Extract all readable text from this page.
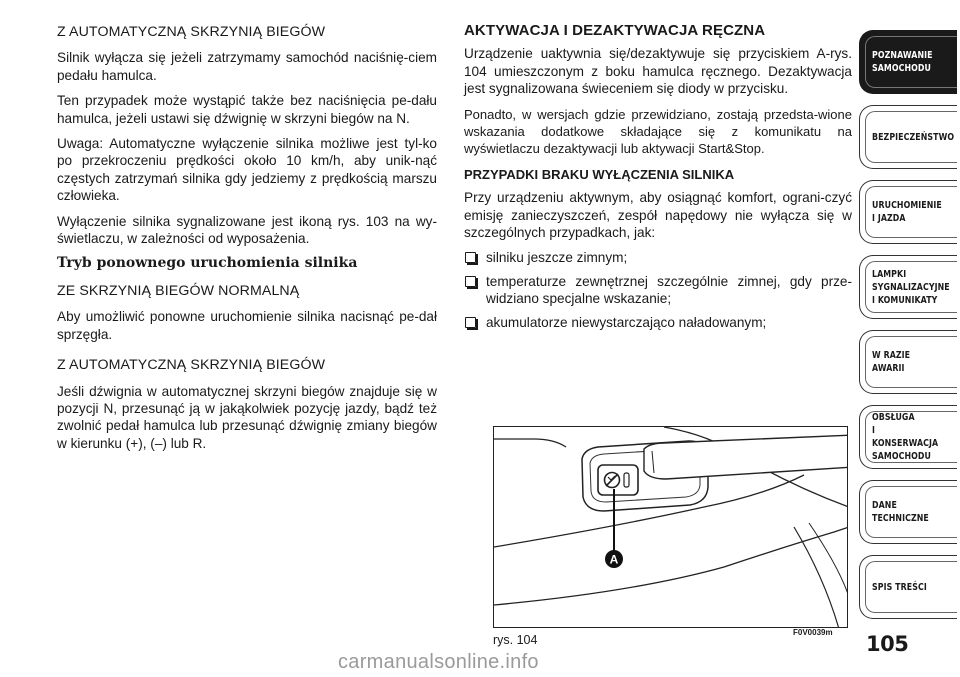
Z AUTOMATYCZNĄ SKRZYNIĄ BIEGÓW
Silnik wyłącza się jeżeli zatrzymamy samochód naciśnię-ciem pedału hamulca.
Ten przypadek może wystąpić także bez naciśnięcia pe-dału hamulca, jeżeli ustawi się dźwignię w skrzyni biegów na N.
Uwaga: Automatyczne wyłączenie silnika możliwe jest tyl-ko po przekroczeniu prędkości około 10 km/h, aby unik-nąć częstych zatrzymań silnika gdy jedziemy z prędkością marszu człowieka.
Wyłączenie silnika sygnalizowane jest ikoną rys. 103 na wy-świetlaczu, w zależności od wyposażenia.
Tryb ponownego uruchomienia silnika
ZE SKRZYNIĄ BIEGÓW NORMALNĄ
Aby umożliwić ponowne uruchomienie silnika nacisnąć pe-dał sprzęgła.
Z AUTOMATYCZNĄ SKRZYNIĄ BIEGÓW
Jeśli dźwignia w automatycznej skrzyni biegów znajduje się w pozycji N, przesunąć ją w jakąkolwiek pozycję jazdy, bądź też zwolnić pedał hamulca lub przesunąć dźwignię zmiany biegów w kierunku (+), (–) lub R.
AKTYWACJA I DEZAKTYWACJA RĘCZNA
Urządzenie uaktywnia się/dezaktywuje się przyciskiem A-rys. 104 umieszczonym z boku hamulca ręcznego. Dezaktywacja jest sygnalizowana świeceniem się diody w przycisku.
Ponadto, w wersjach gdzie przewidziano, zostają przedsta-wione wskazania dodatkowe składające się z komunikatu na wyświetlaczu dezaktywacji lub aktywacji Start&Stop.
PRZYPADKI BRAKU WYŁĄCZENIA SILNIKA
Przy urządzeniu aktywnym, aby osiągnąć komfort, ograni-czyć emisję zanieczyszczeń, zespół napędowy nie wyłącza się w szczególnych przypadkach, jak:
silniku jeszcze zimnym;
temperaturze zewnętrznej szczególnie zimnej, gdy prze-widziano specjalne wskazanie;
akumulatorze niewystarczająco naładowanym;
A
rys. 104
F0V0039m
POZNAWANIE
SAMOCHODU
BEZPIECZEŃSTWO
URUCHOMIENIE
I JAZDA
LAMPKI
SYGNALIZACYJNE
I KOMUNIKATY
W RAZIE AWARII
OBSŁUGA
I KONSERWACJA
SAMOCHODU
DANE
TECHNICZNE
SPIS TREŚCI
105
carmanualsonline.info
